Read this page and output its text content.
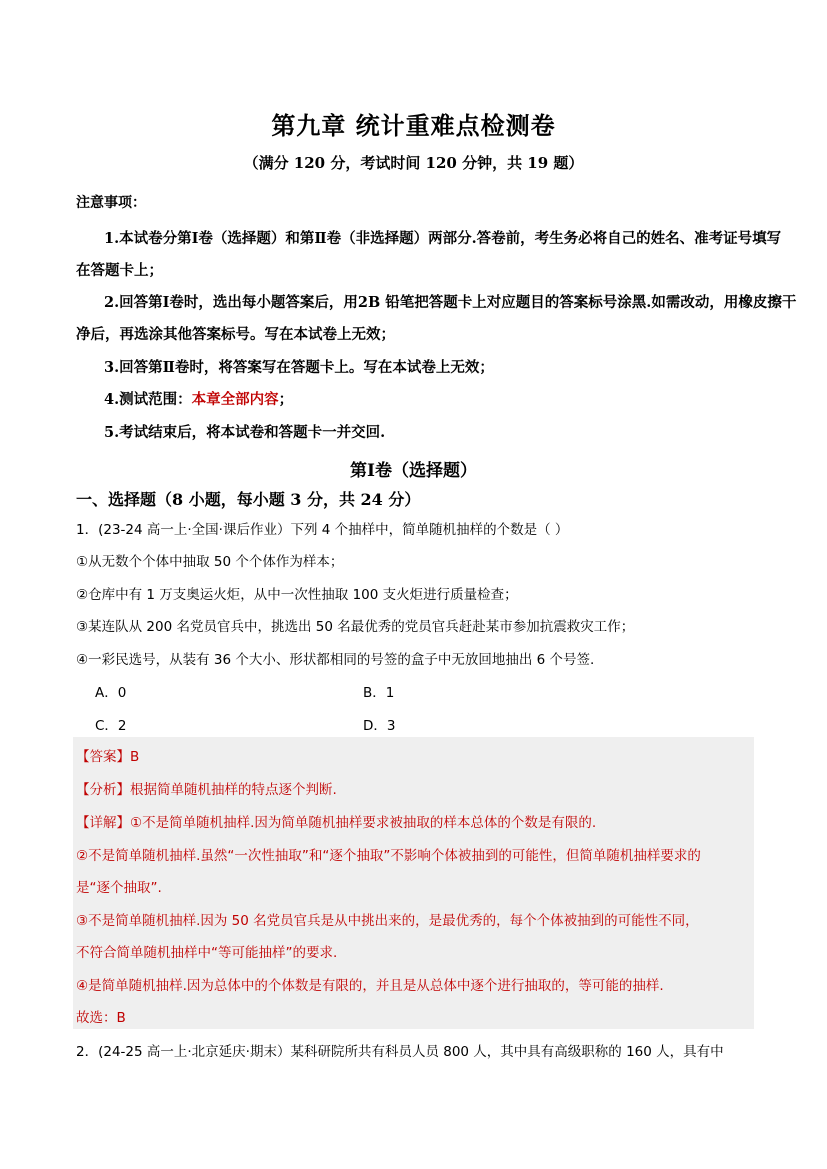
第九章 统计重难点检测卷
（满分 120 分，考试时间 120 分钟，共 19 题）
注意事项：
1.本试卷分第Ⅰ卷（选择题）和第Ⅱ卷（非选择题）两部分.答卷前，考生务必将自己的姓名、准考证号填写
在答题卡上；
2.回答第Ⅰ卷时，选出每小题答案后，用2B 铅笔把答题卡上对应题目的答案标号涂黑.如需改动，用橡皮擦干
净后，再选涂其他答案标号。写在本试卷上无效；
3.回答第Ⅱ卷时，将答案写在答题卡上。写在本试卷上无效；
4.测试范围：本章全部内容；
5.考试结束后，将本试卷和答题卡一并交回.
第Ⅰ卷（选择题）
一、选择题（8 小题，每小题 3 分，共 24 分）
1．(23-24 高一上·全国·课后作业）下列 4 个抽样中，简单随机抽样的个数是（ ）
①从无数个个体中抽取 50 个个体作为样本；
②仓库中有 1 万支奥运火炬，从中一次性抽取 100 支火炬进行质量检查；
③某连队从 200 名党员官兵中，挑选出 50 名最优秀的党员官兵赶赴某市参加抗震救灾工作；
④一彩民选号，从装有 36 个大小、形状都相同的号签的盒子中无放回地抽出 6 个号签.
A．0	B．1
C．2	D．3
【答案】B
【分析】根据简单随机抽样的特点逐个判断.
【详解】①不是简单随机抽样.因为简单随机抽样要求被抽取的样本总体的个数是有限的.
②不是简单随机抽样.虽然“一次性抽取”和“逐个抽取”不影响个体被抽到的可能性，但简单随机抽样要求的
是“逐个抽取”.
③不是简单随机抽样.因为 50 名党员官兵是从中挑出来的，是最优秀的，每个个体被抽到的可能性不同，
不符合简单随机抽样中“等可能抽样”的要求.
④是简单随机抽样.因为总体中的个体数是有限的，并且是从总体中逐个进行抽取的，等可能的抽样.
故选：B
2．(24-25 高一上·北京延庆·期末）某科研院所共有科员人员 800 人，其中具有高级职称的 160 人，具有中
